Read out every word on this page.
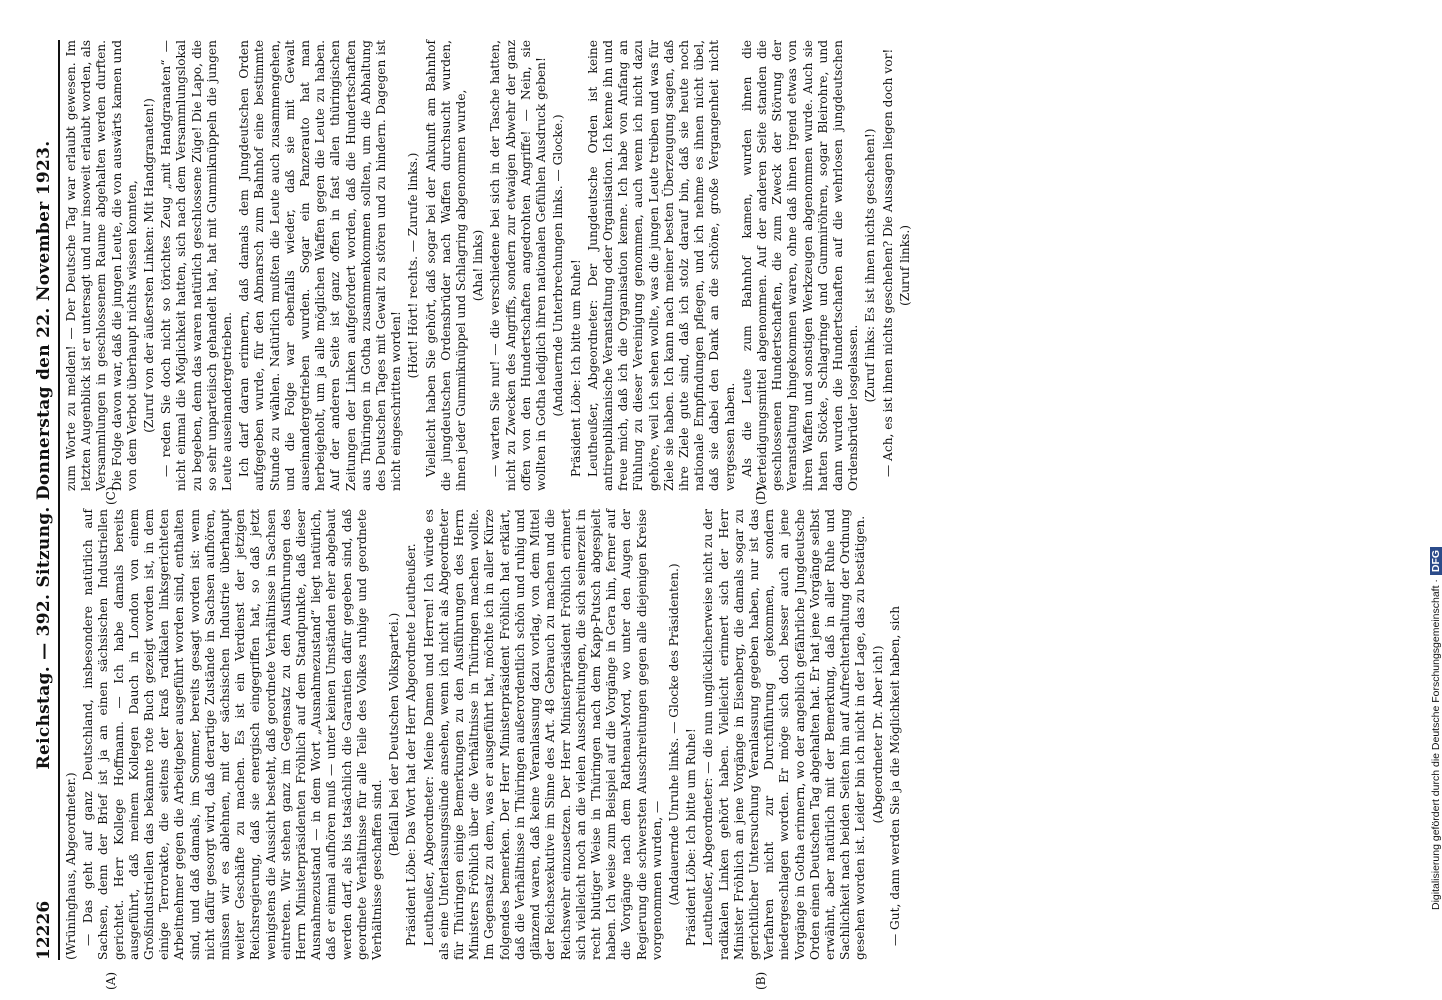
12226
Reichstag. — 392. Sitzung. Donnerstag den 22. November 1923.

(Wrüninghaus, Abgeordneter.) — Das geht auf ganz Deutschland, insbesondere natürlich auf Sachsen, denn der Brief ist ja an einen sächsischen Industriellen gerichtet. Herr Kollege Hoffmann. — Ich habe damals bereits ausgeführt, daß meinem Kollegen Dauch in London von einem Großindustriellen das bekannte rote Buch gezeigt worden ist, in dem einige Terrorakte, die seitens der kraß radikalen linksgerichteten Arbeitnehmer gegen die Arbeitgeber ausgeführt worden sind, enthalten sind, und daß damals, im Sommer, bereits gesagt worden ist: wenn nicht dafür gesorgt wird, daß derartige Zustände in Sachsen aufhören, müssen wir es ablehnen, mit der sächsischen Industrie überhaupt weiter Geschäfte zu machen. Es ist ein Verdienst der jetzigen Reichsregierung, daß sie energisch eingegriffen hat, so daß jetzt wenigstens die Aussicht besteht, daß geordnete Verhältnisse in Sachsen eintreten. Wir stehen ganz im Gegensatz zu den Ausführungen des Herrn Ministerpräsidenten Fröhlich auf dem Standpunkte, daß dieser Ausnahmezustand — in dem Wort „Ausnahmezustand“ liegt natürlich, daß er einmal aufhören muß — unter keinen Umständen eher abgebaut werden darf, als bis tatsächlich die Garantien dafür gegeben sind, daß geordnete Verhältnisse für alle Teile des Volkes ruhige und geordnete Verhältnisse geschaffen sind.

(Beifall bei der Deutschen Volkspartei.) Präsident Löbe: Das Wort hat der Herr Abgeordnete Leutheußer. Leutheußer, Abgeordneter: Meine Damen und Herren! Ich würde es als eine Unterlassungssünde ansehen, wenn ich nicht als Abgeordneter für Thüringen einige Bemerkungen zu den Ausführungen des Herrn Ministers Fröhlich über die Verhältnisse in Thüringen machen wollte. Im Gegensatz zu dem, was er ausgeführt hat, möchte ich in aller Kürze folgendes bemerken. Der Herr Ministerpräsident Fröhlich hat erklärt, daß die Verhältnisse in Thüringen außerordentlich schön und ruhig und glänzend waren, daß keine Veranlassung dazu vorlag, von dem Mittel der Reichsexekutive im Sinne des Art. 48 Gebrauch zu machen und die Reichswehr einzusetzen. Der Herr Ministerpräsident Fröhlich erinnert sich vielleicht noch an die vielen Ausschreitungen, die sich seinerzeit in recht blutiger Weise in Thüringen nach dem Kapp-Putsch abgespielt haben. Ich weise zum Beispiel auf die Vorgänge in Gera hin, ferner auf die Vorgänge nach dem Rathenau-Mord, wo unter den Augen der Regierung die schwersten Ausschreitungen gegen alle diejenigen Kreise vorgenommen wurden, — (Andauernde Unruhe links. — Glocke des Präsidenten.) Präsident Löbe: Ich bitte um Ruhe! Leutheußer, Abgeordneter: — die nun unglücklicherweise nicht zu der radikalen Linken gehört haben. Vielleicht erinnert sich der Herr Minister Fröhlich an jene Vorgänge in Eisenberg, die damals sogar zu gerichtlicher Untersuchung Veranlassung gegeben haben, nur ist das Verfahren nicht zur Durchführung gekommen, sondern niedergeschlagen worden. Er möge sich doch besser auch an jene Vorgänge in Gotha erinnern, wo der angeblich gefährliche Jungdeutsche Orden einen Deutschen Tag abgehalten hat. Er hat jene Vorgänge selbst erwähnt, aber natürlich mit der Bemerkung, daß in aller Ruhe und Sachlichkeit nach beiden Seiten hin auf Aufrechterhaltung der Ordnung gesehen worden ist. Leider bin ich nicht in der Lage, das zu bestätigen. (Abgeordneter Dr. Aber ich!) — Gut, dann werden Sie ja die Möglichkeit haben, sich

zum Worte zu melden! — Der Deutsche Tag war erlaubt gewesen. Im letzten Augenblick ist er untersagt und nur insoweit erlaubt worden, als Versammlungen in geschlossenem Raume abgehalten werden durften. Die Folge davon war, daß die jungen Leute, die von auswärts kamen und von dem Verbot überhaupt nichts wissen konnten, (Zuruf von der äußersten Linken: Mit Handgranaten!) — reden Sie doch nicht so törichtes Zeug „mit Handgranaten“ — nicht einmal die Möglichkeit hatten, sich nach dem Versammlungslokal zu begeben, denn das waren natürlich geschlossene Züge! Die Lapo, die so sehr unparteiisch gehandelt hat, hat mit Gummiknüppeln die jungen Leute auseinandergetrieben. Ich darf daran erinnern, daß damals dem Jungdeutschen Orden aufgegeben wurde, für den Abmarsch zum Bahnhof eine bestimmte Stunde zu wählen. Natürlich mußten die Leute auch zusammengehen, und die Folge war ebenfalls wieder, daß sie mit Gewalt auseinandergetrieben wurden. Sogar ein Panzerauto hat man herbeigeholt, um ja alle möglichen Waffen gegen die Leute zu haben. Auf der anderen Seite ist ganz offen in fast allen thüringischen Zeitungen der Linken aufgefordert worden, daß die Hundertschaften aus Thüringen in Gotha zusammenkommen sollten, um die Abhaltung des Deutschen Tages mit Gewalt zu stören und zu hindern. Dagegen ist nicht eingeschritten worden!

(Hört! Hört! rechts. — Zurufe links.) Vielleicht haben Sie gehört, daß sogar bei der Ankunft am Bahnhof die jungdeutschen Ordensbrüder nach Waffen durchsucht wurden, ihnen jeder Gummiknüppel und Schlagring abgenommen wurde, (Aha! links) — warten Sie nur! — die verschiedene bei sich in der Tasche hatten, nicht zu Zwecken des Angriffs, sondern zur etwaigen Abwehr der ganz offen von den Hundertschaften angedrohten Angriffe! — Nein, sie wollten in Gotha lediglich ihren nationalen Gefühlen Ausdruck geben! (Andauernde Unterbrechungen links. — Glocke.) Präsident Löbe: Ich bitte um Ruhe! Leutheußer, Abgeordneter: Der Jungdeutsche Orden ist keine antirepublikanische Veranstaltung oder Organisation. Ich kenne ihn und freue mich, daß ich die Organisation kenne. Ich habe von Anfang an Fühlung zu dieser Vereinigung genommen, auch wenn ich nicht dazu gehöre, weil ich sehen wollte, was die jungen Leute treiben und was für Ziele sie haben. Ich kann nach meiner besten Überzeugung sagen, daß ihre Ziele gute sind, daß ich stolz darauf bin, daß sie heute noch nationale Empfindungen pflegen, und ich nehme es ihnen nicht übel, daß sie dabei den Dank an die schöne, große Vergangenheit nicht vergessen haben. Als die Leute zum Bahnhof kamen, wurden ihnen die Verteidigungsmittel abgenommen. Auf der anderen Seite standen die geschlossenen Hundertschaften, die zum Zweck der Störung der Veranstaltung hingekommen waren, ohne daß ihnen irgend etwas von ihren Waffen und sonstigen Werkzeugen abgenommen wurde. Auch sie hatten Stöcke, Schlagringe und Gummiröhren, sogar Bleirohre, und dann wurden die Hundertschaften auf die wehrlosen jungdeutschen Ordensbrüder losgelassen.

(Zuruf links: Es ist ihnen nichts geschehen!) — Ach, es ist ihnen nichts geschehen? Die Aussagen liegen doch vor! (Zuruf links.)

(A)	(B)
(C)	(D)
Digitalisierung gefördert durch die Deutsche Forschungsgemeinschaft ·DFG
